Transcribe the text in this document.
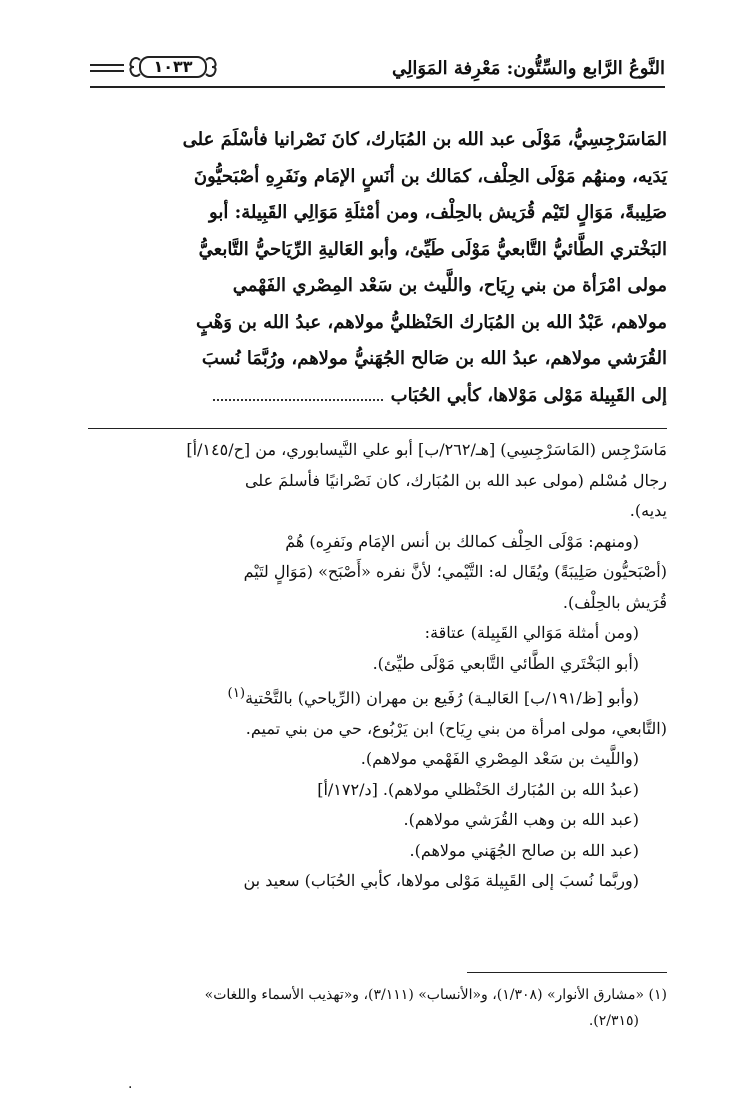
النَّوعُ الرَّابع والسِّتُّون: مَعْرِفة المَوَالِي
١٠٣٣

المَاسَرْجِسِيُّ، مَوْلَى عبد الله بن المُبَارك، كانَ نَصْرانيا فأسْلَمَ على

يَدَيه، ومنهُم مَوْلَى الحِلْف، كمَالك بن أنَسٍ الإمَام ونَفَرِهِ أصْبَحيُّونَ

صَلِيبةً، مَوَالٍ لتَيْم قُرَيش بالحِلْف، ومن أمْثلَةِ مَوَالِي القَبِيلة: أبو

البَخْتري الطَّائيُّ التَّابعيُّ مَوْلَى طَيِّئ، وأبو العَاليةِ الرِّيَاحيُّ التَّابعيُّ

مولى امْرَأة من بني رِيَاح، واللَّيث بن سَعْد المِصْري الفَهْمي

مولاهم، عَبْدُ الله بن المُبَارك الحَنْظليُّ مولاهم، عبدُ الله بن وَهْبٍ

القُرَشي مولاهم، عبدُ الله بن صَالح الجُهَنيُّ مولاهم، ورُبَّمَا نُسبَ

إلى القَبِيلة مَوْلى مَوْلاها، كأبي الحُبَاب

مَاسَرْجِس (المَاسَرْجِسِي) [هـ/٢٦٢/ب] أبو علي النَّيسابوري، من [ح/١٤٥/أ]

رجال مُسْلم (مولى عبد الله بن المُبَارك، كان نَصْرانيًا فأسلمَ على

يديه).

(ومنهم: مَوْلَى الحِلْف كمالك بن أنس الإمَام ونَفرِه) هُمْ

(أصْبَحيُّون صَلِيبَةً) ويُقَال له: التَّيْمي؛ لأنَّ نفره «أَصْبَح» (مَوَالٍ لتَيْم

قُرَيش بالحِلْف).

(ومن أمثلة مَوَالي القَبِيلة) عتاقة:

(أبو البَخْتَري الطَّائي التَّابعي مَوْلَى طيِّئ).

(وأبو [ظ/١٩١/ب] العَاليـة) رُفَيع بن مهران (الرِّياحي) بالتَّحْتية$^{(١)}$

(التَّابعي، مولى امرأة من بني رِيَاح) ابن يَرْبُوع، حي من بني تميم.

(واللَّيث بن سَعْد المِصْري الفَهْمي مولاهم).

(عبدُ الله بن المُبَارك الحَنْظلي مولاهم). [د/١٧٢/أ]

(عبد الله بن وهب القُرَشي مولاهم).

(عبد الله بن صالح الجُهَني مولاهم).

(وربَّما نُسبَ إلى القَبِيلة مَوْلى مولاها، كأبي الحُبَاب) سعيد بن

(١) «مشارق الأنوار» (١/٣٠٨)، و«الأنساب» (٣/١١١)، و«تهذيب الأسماء واللغات»

(٢/٣١٥).

.
